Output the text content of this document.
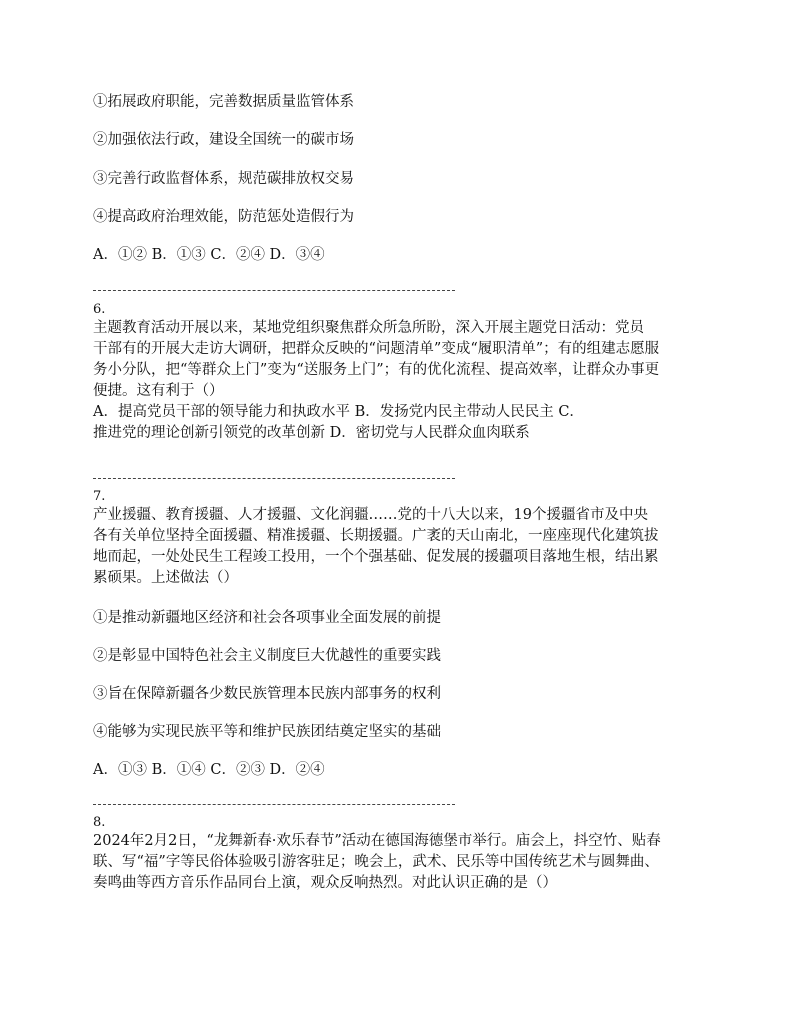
①拓展政府职能，完善数据质量监管体系
②加强依法行政，建设全国统一的碳市场
③完善行政监督体系，规范碳排放权交易
④提高政府治理效能，防范惩处造假行为
A．①② B．①③ C．②④ D．③④
6.
主题教育活动开展以来，某地党组织聚焦群众所急所盼，深入开展主题党日活动：党员
干部有的开展大走访大调研，把群众反映的“问题清单”变成“履职清单”；有的组建志愿服
务小分队，把“等群众上门”变为“送服务上门”；有的优化流程、提高效率，让群众办事更
便捷。这有利于（）
A．提高党员干部的领导能力和执政水平 B．发扬党内民主带动人民民主 C．
推进党的理论创新引领党的改革创新 D．密切党与人民群众血肉联系
7.
产业援疆、教育援疆、人才援疆、文化润疆……党的十八大以来，19个援疆省市及中央
各有关单位坚持全面援疆、精准援疆、长期援疆。广袤的天山南北，一座座现代化建筑拔
地而起，一处处民生工程竣工投用，一个个强基础、促发展的援疆项目落地生根，结出累
累硕果。上述做法（）
①是推动新疆地区经济和社会各项事业全面发展的前提
②是彰显中国特色社会主义制度巨大优越性的重要实践
③旨在保障新疆各少数民族管理本民族内部事务的权利
④能够为实现民族平等和维护民族团结奠定坚实的基础
A．①③ B．①④ C．②③ D．②④
8.
2024年2月2日，“龙舞新春·欢乐春节”活动在德国海德堡市举行。庙会上，抖空竹、贴春
联、写“福”字等民俗体验吸引游客驻足；晚会上，武术、民乐等中国传统艺术与圆舞曲、
奏鸣曲等西方音乐作品同台上演，观众反响热烈。对此认识正确的是（）
